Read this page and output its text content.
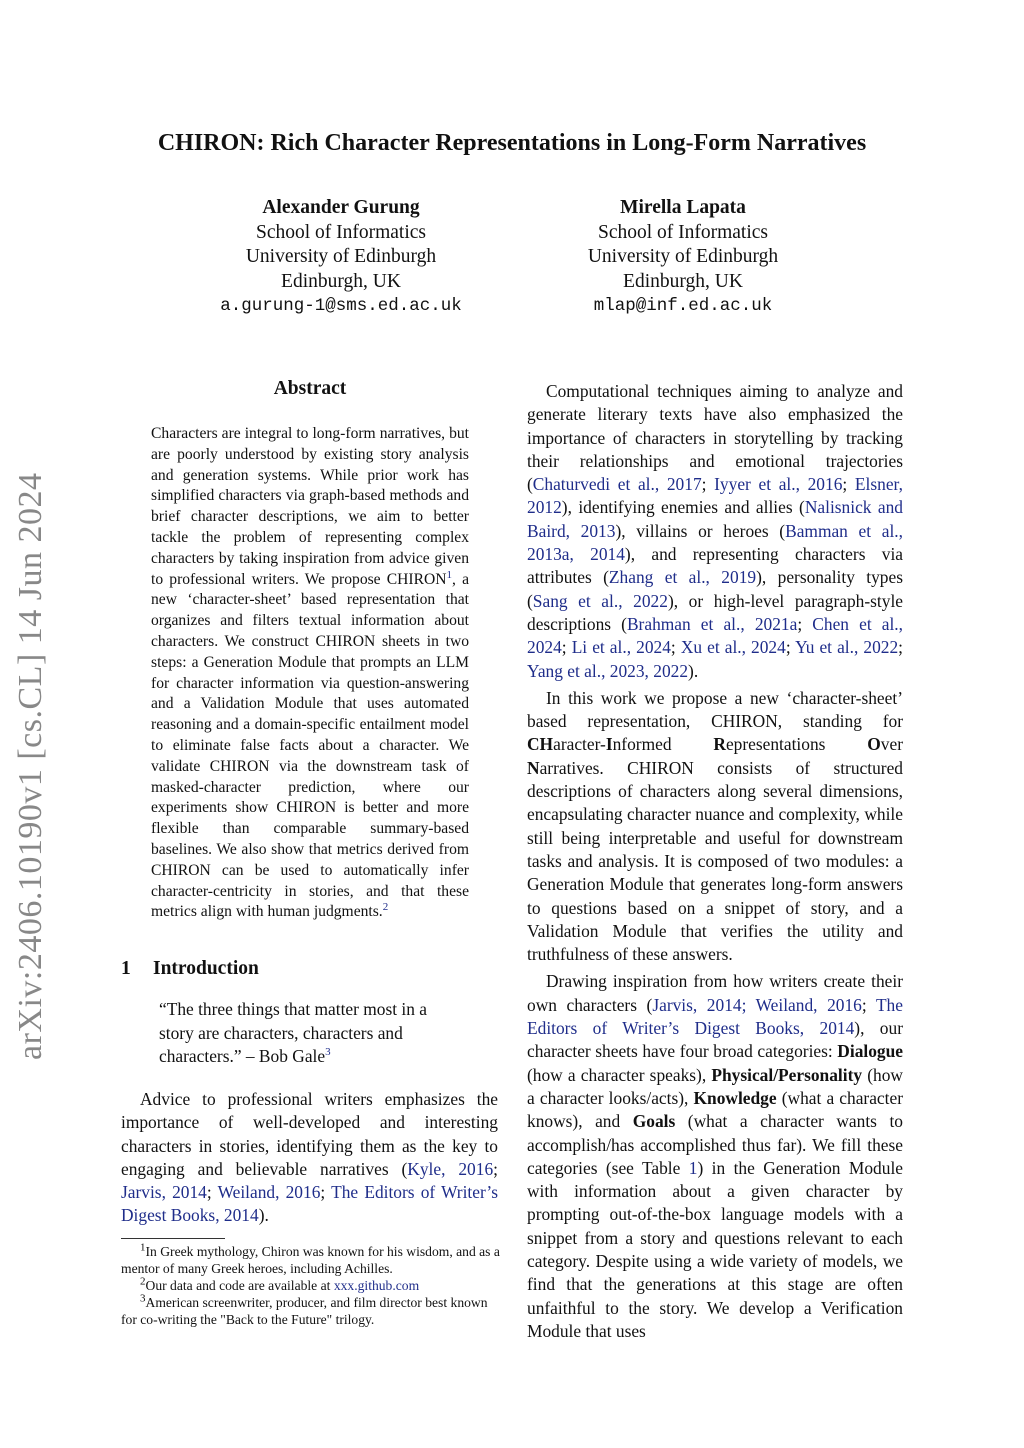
arXiv:2406.10190v1 [cs.CL] 14 Jun 2024
CHIRON: Rich Character Representations in Long-Form Narratives
Alexander Gurung
School of Informatics
University of Edinburgh
Edinburgh, UK
a.gurung-1@sms.ed.ac.uk
Mirella Lapata
School of Informatics
University of Edinburgh
Edinburgh, UK
mlap@inf.ed.ac.uk
Abstract
Characters are integral to long-form narratives, but are poorly understood by existing story analysis and generation systems. While prior work has simplified characters via graph-based methods and brief character descriptions, we aim to better tackle the problem of representing complex characters by taking inspiration from advice given to professional writers. We propose CHIRON$^1$, a new ‘character-sheet’ based representation that organizes and filters textual information about characters. We construct CHIRON sheets in two steps: a Generation Module that prompts an LLM for character information via question-answering and a Validation Module that uses automated reasoning and a domain-specific entailment model to eliminate false facts about a character. We validate CHIRON via the downstream task of masked-character prediction, where our experiments show CHIRON is better and more flexible than comparable summary-based baselines. We also show that metrics derived from CHIRON can be used to automatically infer character-centricity in stories, and that these metrics align with human judgments.$^2$
1 Introduction
“The three things that matter most in a story are characters, characters and characters.” – Bob Gale$^3$

Advice to professional writers emphasizes the importance of well-developed and interesting characters in stories, identifying them as the key to engaging and believable narratives (Kyle, 2016; Jarvis, 2014; Weiland, 2016; The Editors of Writer’s Digest Books, 2014).

$^1$In Greek mythology, Chiron was known for his wisdom, and as a mentor of many Greek heroes, including Achilles.

$^2$Our data and code are available at xxx.github.com

$^3$American screenwriter, producer, and film director best known for co-writing the "Back to the Future" trilogy.

Computational techniques aiming to analyze and generate literary texts have also emphasized the importance of characters in storytelling by tracking their relationships and emotional trajectories (Chaturvedi et al., 2017; Iyyer et al., 2016; Elsner, 2012), identifying enemies and allies (Nalisnick and Baird, 2013), villains or heroes (Bamman et al., 2013a, 2014), and representing characters via attributes (Zhang et al., 2019), personality types (Sang et al., 2022), or high-level paragraph-style descriptions (Brahman et al., 2021a; Chen et al., 2024; Li et al., 2024; Xu et al., 2024; Yu et al., 2022; Yang et al., 2023, 2022).

In this work we propose a new ‘character-sheet’ based representation, CHIRON, standing for CHaracter-Informed Representations Over Narratives. CHIRON consists of structured descriptions of characters along several dimensions, encapsulating character nuance and complexity, while still being interpretable and useful for downstream tasks and analysis. It is composed of two modules: a Generation Module that generates long-form answers to questions based on a snippet of story, and a Validation Module that verifies the utility and truthfulness of these answers.

Drawing inspiration from how writers create their own characters (Jarvis, 2014; Weiland, 2016; The Editors of Writer’s Digest Books, 2014), our character sheets have four broad categories: Dialogue (how a character speaks), Physical/Personality (how a character looks/acts), Knowledge (what a character knows), and Goals (what a character wants to accomplish/has accomplished thus far). We fill these categories (see Table 1) in the Generation Module with information about a given character by prompting out-of-the-box language models with a snippet from a story and questions relevant to each category. Despite using a wide variety of models, we find that the generations at this stage are often unfaithful to the story. We develop a Verification Module that uses
